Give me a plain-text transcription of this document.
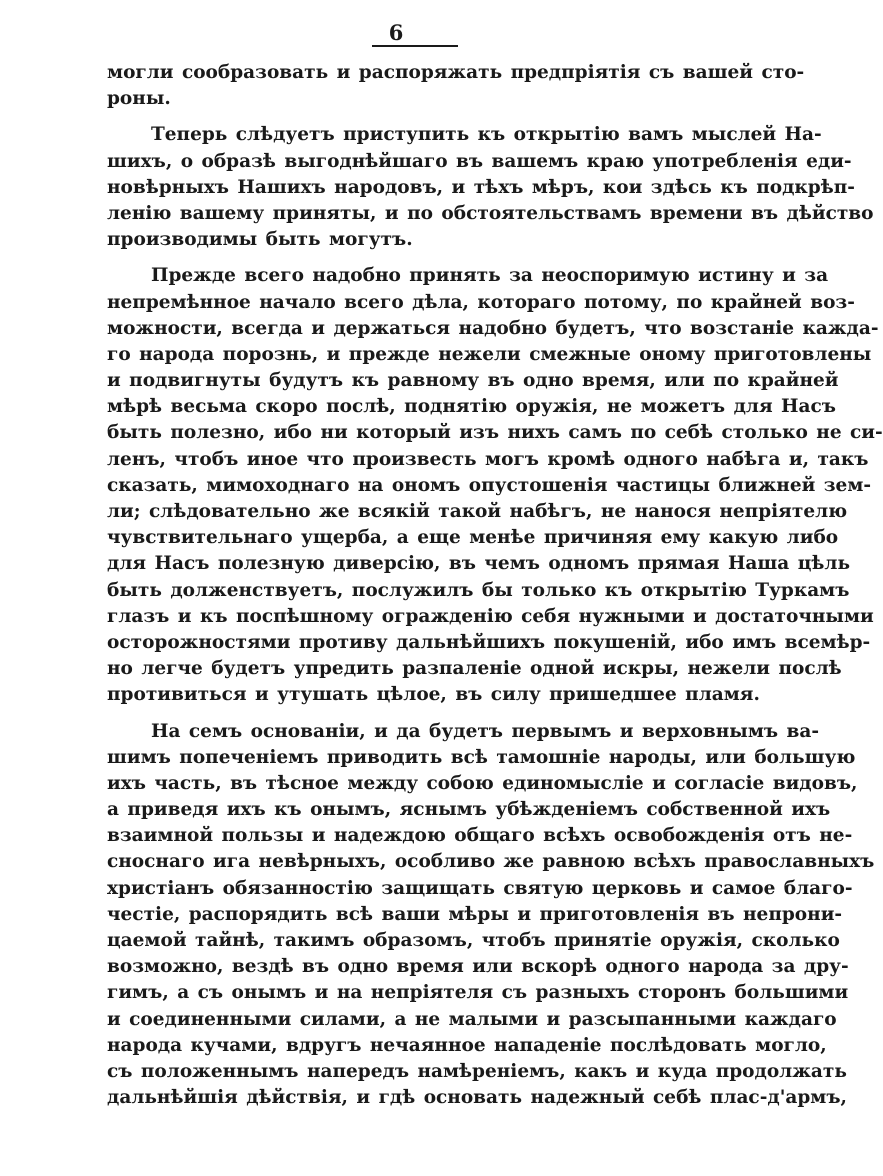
6
могли сообразовать и распоряжать предпріятія съ вашей сто-
роны.
Теперь слѣдуетъ приступить къ открытію вамъ мыслей На-
шихъ, о образѣ выгоднѣйшаго въ вашемъ краю употребленія еди-
новѣрныхъ Нашихъ народовъ, и тѣхъ мѣръ, кои здѣсь къ подкрѣп-
ленію вашему приняты, и по обстоятельствамъ времени въ дѣйство
производимы быть могутъ.
Прежде всего надобно принять за неоспоримую истину и за
непремѣнное начало всего дѣла, котораго потому, по крайней воз-
можности, всегда и держаться надобно будетъ, что возстаніе кажда-
го народа порознь, и прежде нежели смежные оному приготовлены
и подвигнуты будутъ къ равному въ одно время, или по крайней
мѣрѣ весьма скоро послѣ, поднятію оружія, не можетъ для Насъ
быть полезно, ибо ни который изъ нихъ самъ по себѣ столько не си-
ленъ, чтобъ иное что произвесть могъ кромѣ одного набѣга и, такъ
сказать, мимоходнаго на ономъ опустошенія частицы ближней зем-
ли; слѣдовательно же всякій такой набѣгъ, не нанося непріятелю
чувствительнаго ущерба, а еще менѣе причиняя ему какую либо
для Насъ полезную диверсію, въ чемъ одномъ прямая Наша цѣль
быть долженствуетъ, послужилъ бы только къ открытію Туркамъ
глазъ и къ поспѣшному огражденію себя нужными и достаточными
осторожностями противу дальнѣйшихъ покушеній, ибо имъ всемѣр-
но легче будетъ упредить разпаленіе одной искры, нежели послѣ
противиться и утушать цѣлое, въ силу пришедшее пламя.
На семъ основаніи, и да будетъ первымъ и верховнымъ ва-
шимъ попеченіемъ приводить всѣ тамошніе народы, или большую
ихъ часть, въ тѣсное между собою единомысліе и согласіе видовъ,
а приведя ихъ къ онымъ, яснымъ убѣжденіемъ собственной ихъ
взаимной пользы и надеждою общаго всѣхъ освобожденія отъ не-
сноснаго ига невѣрныхъ, особливо же равною всѣхъ православныхъ
христіанъ обязанностію защищать святую церковь и самое благо-
честіе, распорядить всѣ ваши мѣры и приготовленія въ непрони-
цаемой тайнѣ, такимъ образомъ, чтобъ принятіе оружія, сколько
возможно, вездѣ въ одно время или вскорѣ одного народа за дру-
гимъ, а съ онымъ и на непріятеля съ разныхъ сторонъ большими
и соединенными силами, а не малыми и разсыпанными каждаго
народа кучами, вдругъ нечаянное нападеніе послѣдовать могло,
съ положеннымъ напередъ намѣреніемъ, какъ и куда продолжать
дальнѣйшія дѣйствія, и гдѣ основать надежный себѣ плас-д'армъ,
